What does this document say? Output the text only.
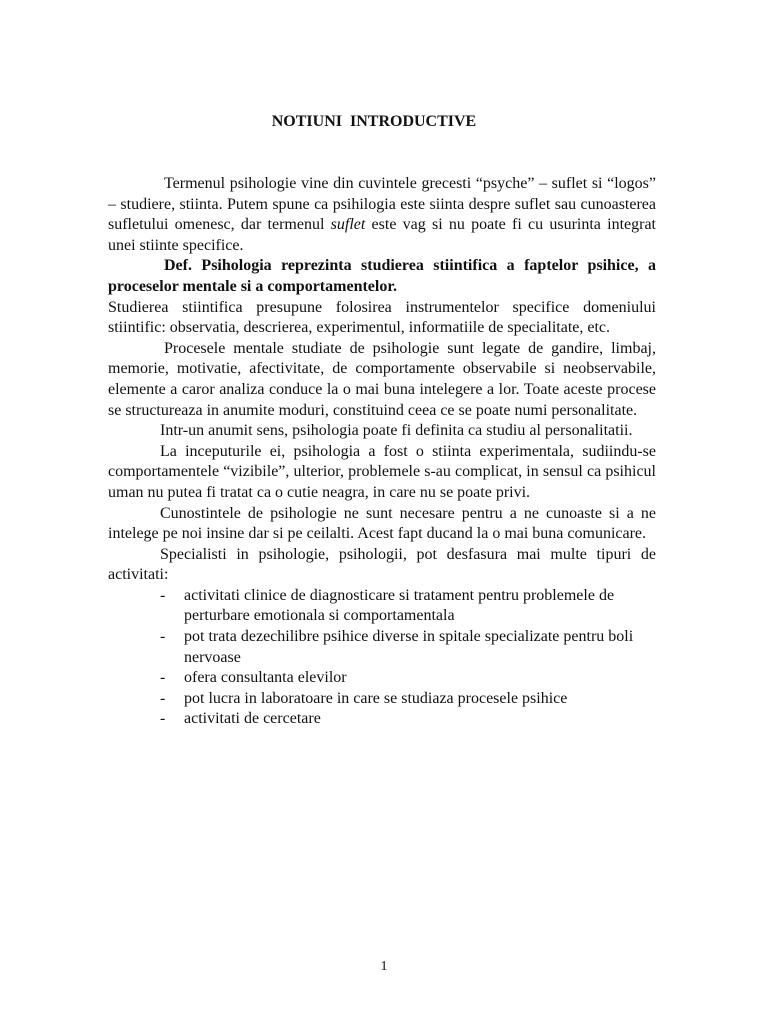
NOTIUNI  INTRODUCTIVE

Termenul psihologie vine din cuvintele grecesti “psyche” – suflet si “logos” – studiere, stiinta. Putem spune ca psihilogia este siinta despre suflet sau cunoasterea sufletului omenesc, dar termenul suflet este vag si nu poate fi cu usurinta integrat unei stiinte specifice.

Def. Psihologia reprezinta studierea stiintifica a faptelor psihice, a proceselor mentale si a comportamentelor.

Studierea stiintifica presupune folosirea instrumentelor specifice domeniului stiintific: observatia, descrierea, experimentul, informatiile de specialitate, etc.

Procesele mentale studiate de psihologie sunt legate de gandire, limbaj, memorie, motivatie, afectivitate, de comportamente observabile si neobservabile, elemente a caror analiza conduce la o mai buna intelegere a lor. Toate aceste procese se structureaza in anumite moduri, constituind ceea ce se poate numi personalitate.

Intr-un anumit sens, psihologia poate fi definita ca studiu al personalitatii.

La inceputurile ei, psihologia a fost o stiinta experimentala, sudiindu-se comportamentele “vizibile”, ulterior, problemele s-au complicat, in sensul ca psihicul uman nu putea fi tratat ca o cutie neagra, in care nu se poate privi.

Cunostintele de psihologie ne sunt necesare pentru a ne cunoaste si a ne intelege pe noi insine dar si pe ceilalti. Acest fapt ducand la o mai buna comunicare.

Specialisti in psihologie, psihologii, pot desfasura mai multe tipuri de activitati:

- activitati clinice de diagnosticare si tratament pentru problemele de perturbare emotionala si comportamentala
- pot trata dezechilibre psihice diverse in spitale specializate pentru boli nervoase
- ofera consultanta elevilor
- pot lucra in laboratoare in care se studiaza procesele psihice
- activitati de cercetare
1
